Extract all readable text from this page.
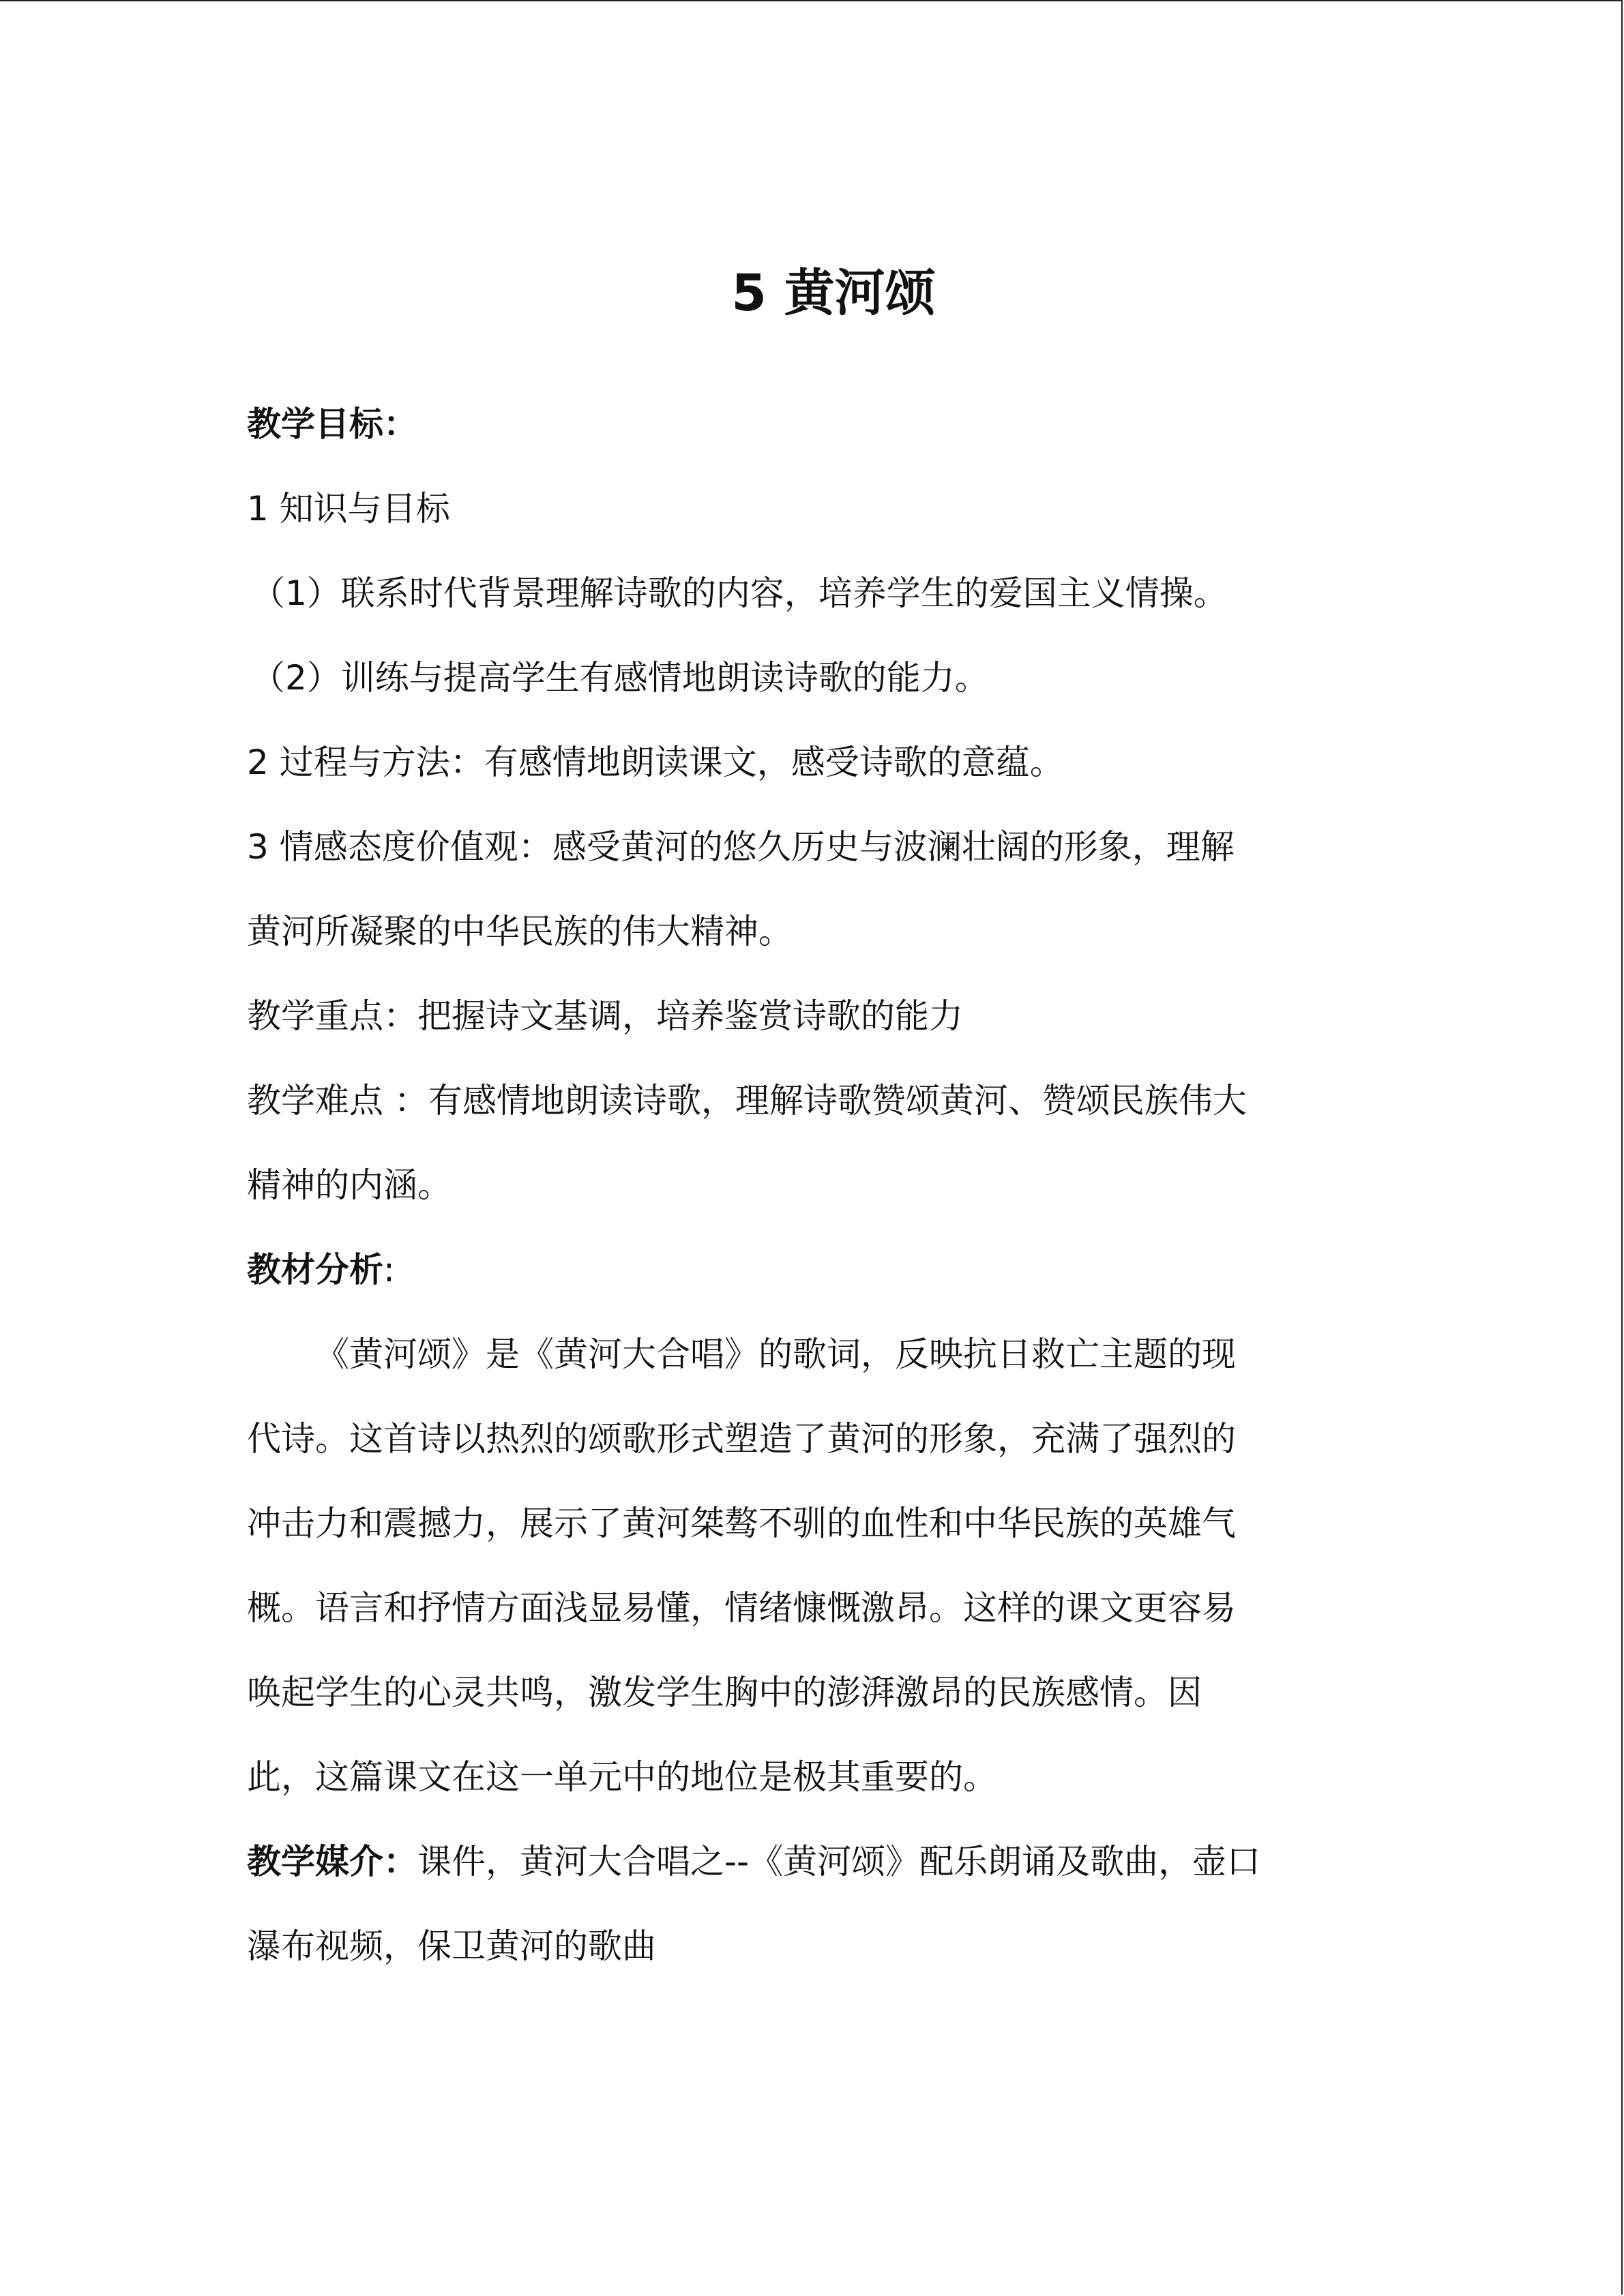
5 黄河颂
教学目标：
1 知识与目标
（1）联系时代背景理解诗歌的内容，培养学生的爱国主义情操。
（2）训练与提高学生有感情地朗读诗歌的能力。
2 过程与方法：有感情地朗读课文，感受诗歌的意蕴。
3 情感态度价值观：感受黄河的悠久历史与波澜壮阔的形象，理解
黄河所凝聚的中华民族的伟大精神。
教学重点：把握诗文基调，培养鉴赏诗歌的能力
教学难点 ：有感情地朗读诗歌，理解诗歌赞颂黄河、赞颂民族伟大
精神的内涵。
教材分析:
《黄河颂》是《黄河大合唱》的歌词，反映抗日救亡主题的现
代诗。这首诗以热烈的颂歌形式塑造了黄河的形象，充满了强烈的
冲击力和震撼力，展示了黄河桀骜不驯的血性和中华民族的英雄气
概。语言和抒情方面浅显易懂，情绪慷慨激昂。这样的课文更容易
唤起学生的心灵共鸣，激发学生胸中的澎湃激昂的民族感情。因
此，这篇课文在这一单元中的地位是极其重要的。
教学媒介：课件，黄河大合唱之--《黄河颂》配乐朗诵及歌曲，壶口
瀑布视频，保卫黄河的歌曲
